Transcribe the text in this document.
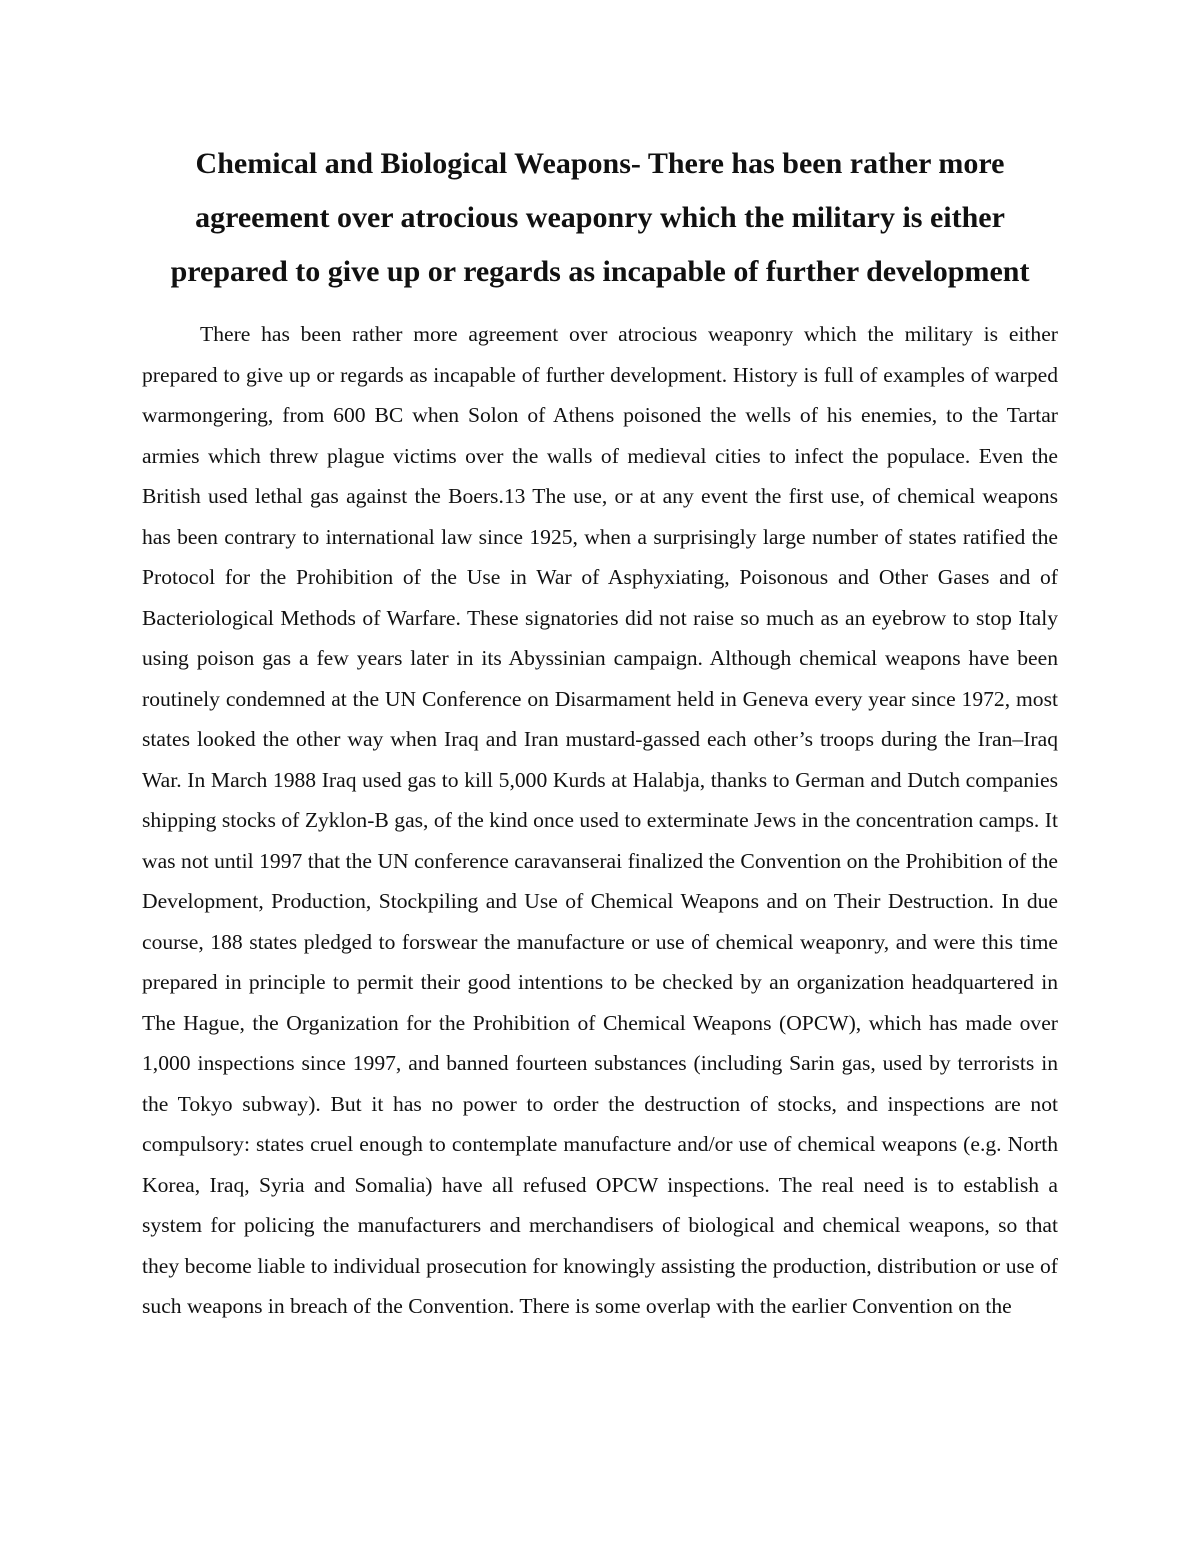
Chemical and Biological Weapons- There has been rather more agreement over atrocious weaponry which the military is either prepared to give up or regards as incapable of further development

There has been rather more agreement over atrocious weaponry which the military is either prepared to give up or regards as incapable of further development. History is full of examples of warped warmongering, from 600 BC when Solon of Athens poisoned the wells of his enemies, to the Tartar armies which threw plague victims over the walls of medieval cities to infect the populace. Even the British used lethal gas against the Boers.13 The use, or at any event the first use, of chemical weapons has been contrary to international law since 1925, when a surprisingly large number of states ratified the Protocol for the Prohibition of the Use in War of Asphyxiating, Poisonous and Other Gases and of Bacteriological Methods of Warfare. These signatories did not raise so much as an eyebrow to stop Italy using poison gas a few years later in its Abyssinian campaign. Although chemical weapons have been routinely condemned at the UN Conference on Disarmament held in Geneva every year since 1972, most states looked the other way when Iraq and Iran mustard-gassed each other’s troops during the Iran–Iraq War. In March 1988 Iraq used gas to kill 5,000 Kurds at Halabja, thanks to German and Dutch companies shipping stocks of Zyklon-B gas, of the kind once used to exterminate Jews in the concentration camps. It was not until 1997 that the UN conference caravanserai finalized the Convention on the Prohibition of the Development, Production, Stockpiling and Use of Chemical Weapons and on Their Destruction. In due course, 188 states pledged to forswear the manufacture or use of chemical weaponry, and were this time prepared in principle to permit their good intentions to be checked by an organization headquartered in The Hague, the Organization for the Prohibition of Chemical Weapons (OPCW), which has made over 1,000 inspections since 1997, and banned fourteen substances (including Sarin gas, used by terrorists in the Tokyo subway). But it has no power to order the destruction of stocks, and inspections are not compulsory: states cruel enough to contemplate manufacture and/or use of chemical weapons (e.g. North Korea, Iraq, Syria and Somalia) have all refused OPCW inspections. The real need is to establish a system for policing the manufacturers and merchandisers of biological and chemical weapons, so that they become liable to individual prosecution for knowingly assisting the production, distribution or use of such weapons in breach of the Convention. There is some overlap with the earlier Convention on the
